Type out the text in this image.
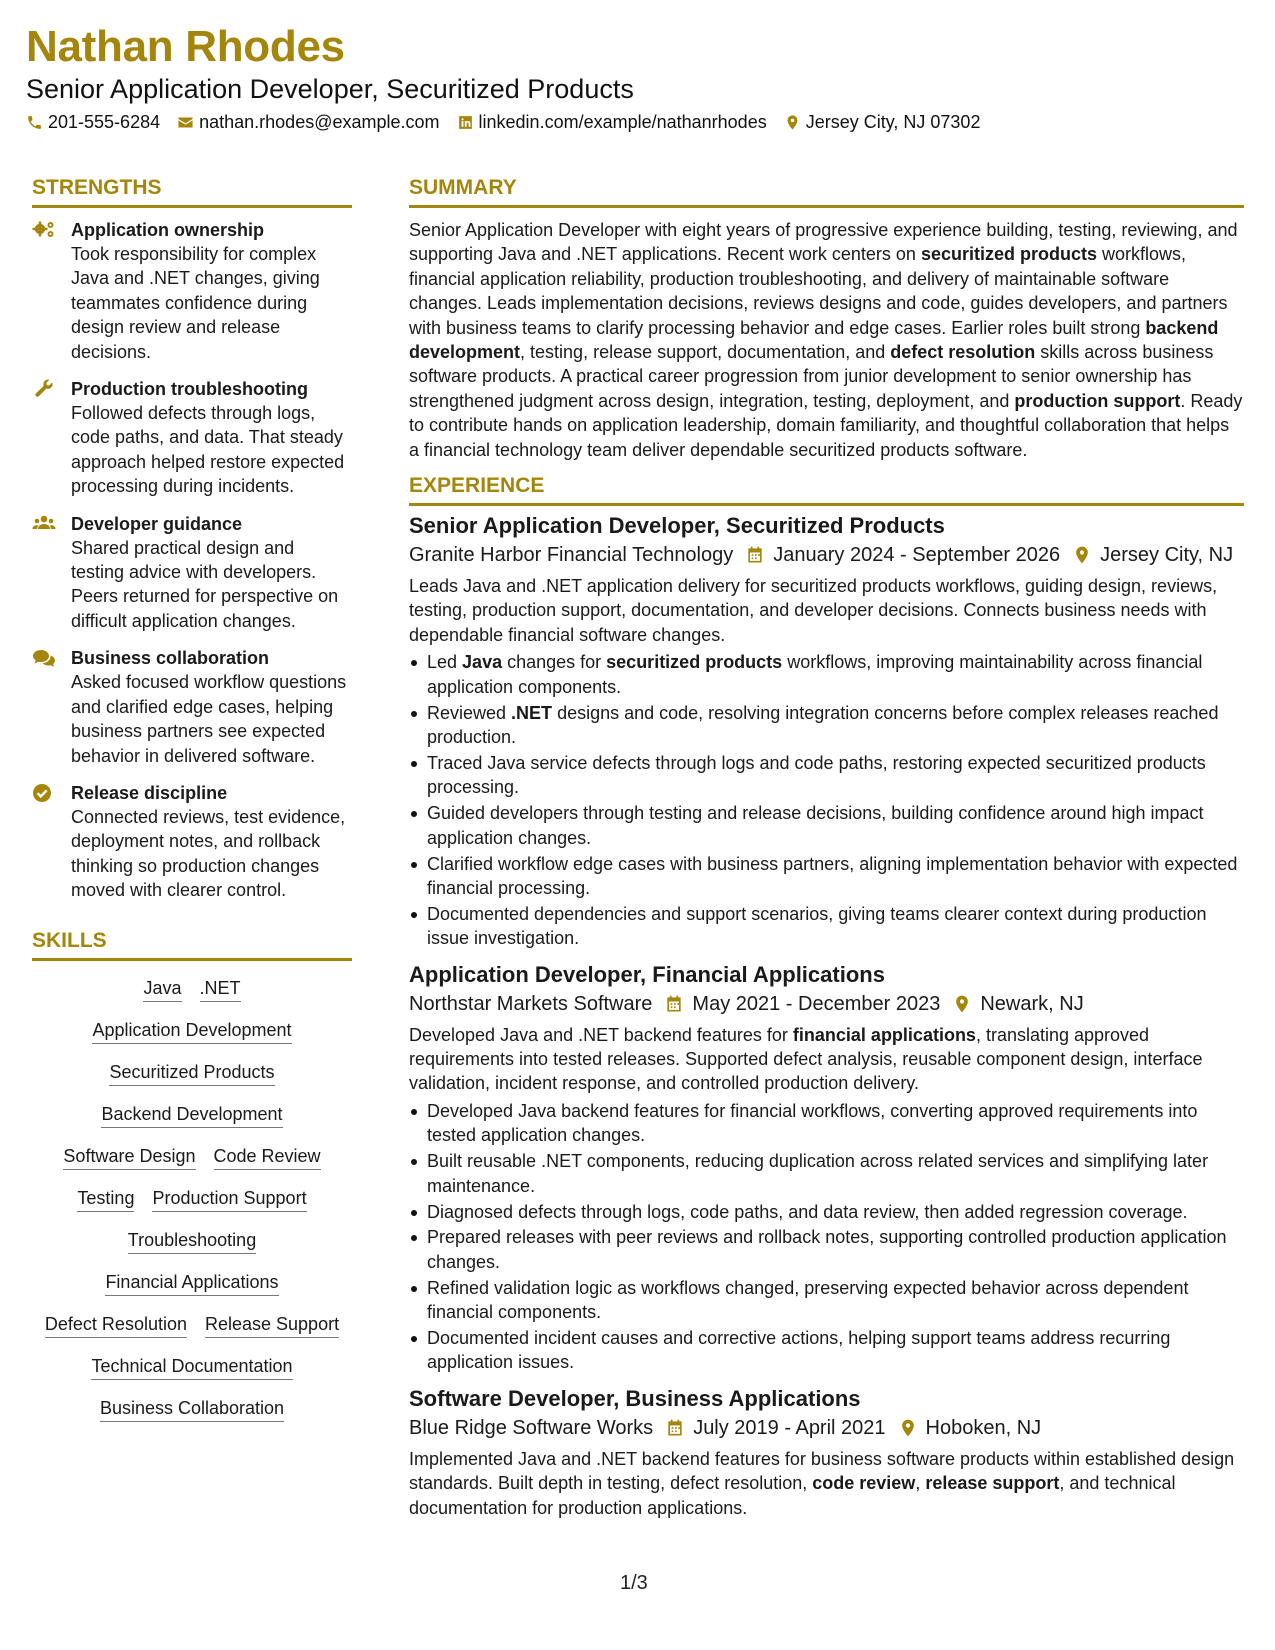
Nathan Rhodes
Senior Application Developer, Securitized Products
201-555-6284 nathan.rhodes@example.com linkedin.com/example/nathanrhodes Jersey City, NJ 07302
STRENGTHS
Application ownership
Took responsibility for complex Java and .NET changes, giving teammates confidence during design review and release decisions.
Production troubleshooting
Followed defects through logs, code paths, and data. That steady approach helped restore expected processing during incidents.
Developer guidance
Shared practical design and testing advice with developers. Peers returned for perspective on difficult application changes.
Business collaboration
Asked focused workflow questions and clarified edge cases, helping business partners see expected behavior in delivered software.
Release discipline
Connected reviews, test evidence, deployment notes, and rollback thinking so production changes moved with clearer control.
SKILLS
Java .NET
Application Development
Securitized Products
Backend Development
Software Design Code Review
Testing Production Support
Troubleshooting
Financial Applications
Defect Resolution Release Support
Technical Documentation
Business Collaboration
SUMMARY
Senior Application Developer with eight years of progressive experience building, testing, reviewing, and supporting Java and .NET applications. Recent work centers on securitized products workflows, financial application reliability, production troubleshooting, and delivery of maintainable software changes. Leads implementation decisions, reviews designs and code, guides developers, and partners with business teams to clarify processing behavior and edge cases. Earlier roles built strong backend development, testing, release support, documentation, and defect resolution skills across business software products. A practical career progression from junior development to senior ownership has strengthened judgment across design, integration, testing, deployment, and production support. Ready to contribute hands on application leadership, domain familiarity, and thoughtful collaboration that helps a financial technology team deliver dependable securitized products software.
EXPERIENCE
Senior Application Developer, Securitized Products
Granite Harbor Financial Technology January 2024 - September 2026 Jersey City, NJ
Leads Java and .NET application delivery for securitized products workflows, guiding design, reviews, testing, production support, documentation, and developer decisions. Connects business needs with dependable financial software changes.
Led Java changes for securitized products workflows, improving maintainability across financial application components.
Reviewed .NET designs and code, resolving integration concerns before complex releases reached production.
Traced Java service defects through logs and code paths, restoring expected securitized products processing.
Guided developers through testing and release decisions, building confidence around high impact application changes.
Clarified workflow edge cases with business partners, aligning implementation behavior with expected financial processing.
Documented dependencies and support scenarios, giving teams clearer context during production issue investigation.
Application Developer, Financial Applications
Northstar Markets Software May 2021 - December 2023 Newark, NJ
Developed Java and .NET backend features for financial applications, translating approved requirements into tested releases. Supported defect analysis, reusable component design, interface validation, incident response, and controlled production delivery.
Developed Java backend features for financial workflows, converting approved requirements into tested application changes.
Built reusable .NET components, reducing duplication across related services and simplifying later maintenance.
Diagnosed defects through logs, code paths, and data review, then added regression coverage.
Prepared releases with peer reviews and rollback notes, supporting controlled production application changes.
Refined validation logic as workflows changed, preserving expected behavior across dependent financial components.
Documented incident causes and corrective actions, helping support teams address recurring application issues.
Software Developer, Business Applications
Blue Ridge Software Works July 2019 - April 2021 Hoboken, NJ
Implemented Java and .NET backend features for business software products within established design standards. Built depth in testing, defect resolution, code review, release support, and technical documentation for production applications.
1/3
